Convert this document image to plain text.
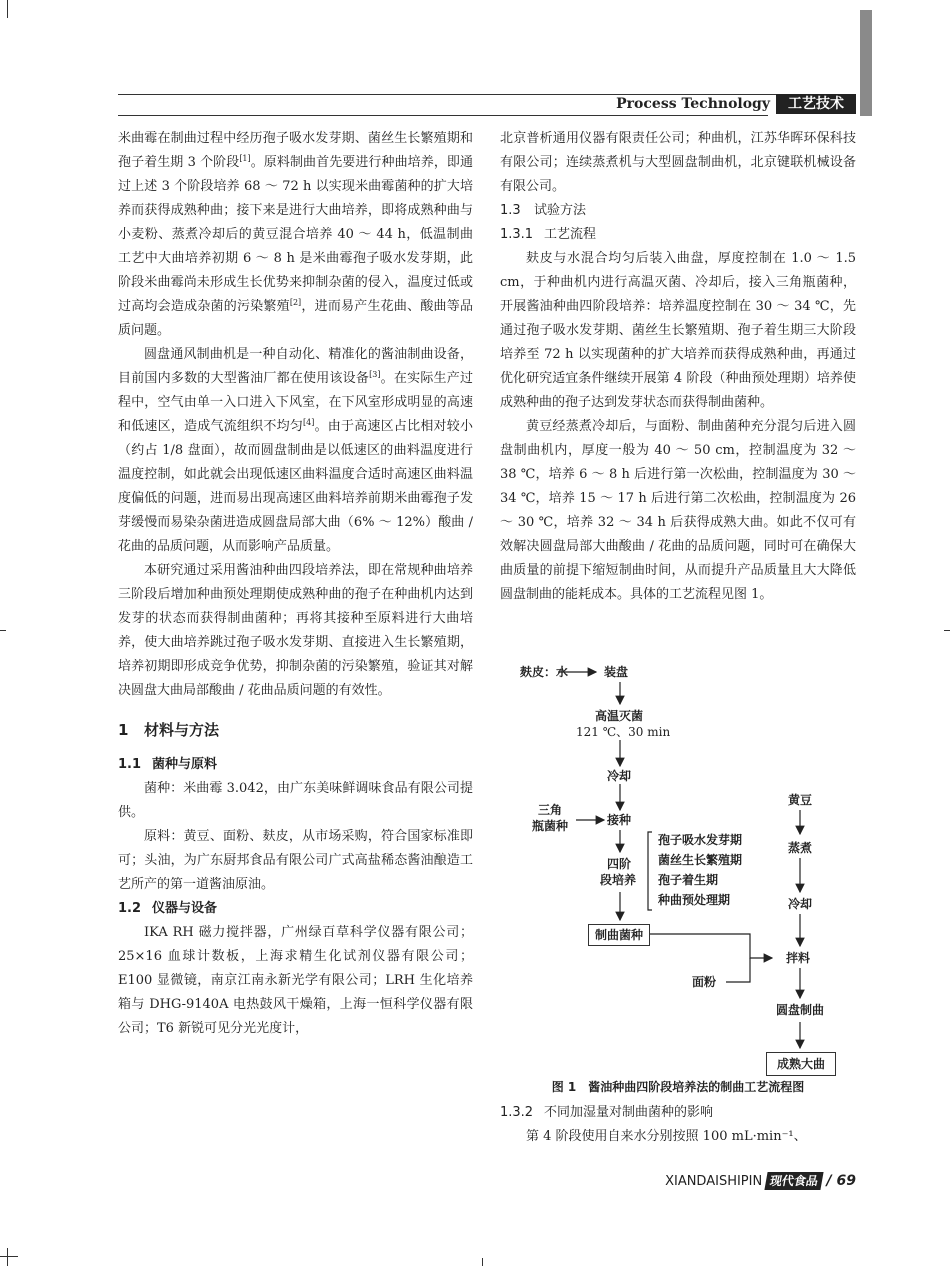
Process Technology	工艺技术

米曲霉在制曲过程中经历孢子吸水发芽期、菌丝生长繁殖期和孢子着生期 3 个阶段[1]。原料制曲首先要进行种曲培养，即通过上述 3 个阶段培养 68 ～ 72 h 以实现米曲霉菌种的扩大培养而获得成熟种曲；接下来是进行大曲培养，即将成熟种曲与小麦粉、蒸煮冷却后的黄豆混合培养 40 ～ 44 h，低温制曲工艺中大曲培养初期 6 ～ 8 h 是米曲霉孢子吸水发芽期，此阶段米曲霉尚未形成生长优势来抑制杂菌的侵入，温度过低或过高均会造成杂菌的污染繁殖[2]，进而易产生花曲、酸曲等品质问题。

圆盘通风制曲机是一种自动化、精准化的酱油制曲设备，目前国内多数的大型酱油厂都在使用该设备[3]。在实际生产过程中，空气由单一入口进入下风室，在下风室形成明显的高速和低速区，造成气流组织不均匀[4]。由于高速区占比相对较小（约占 1/8 盘面），故而圆盘制曲是以低速区的曲料温度进行温度控制，如此就会出现低速区曲料温度合适时高速区曲料温度偏低的问题，进而易出现高速区曲料培养前期米曲霉孢子发芽缓慢而易染杂菌进造成圆盘局部大曲（6% ～ 12%）酸曲 / 花曲的品质问题，从而影响产品质量。

本研究通过采用酱油种曲四段培养法，即在常规种曲培养三阶段后增加种曲预处理期使成熟种曲的孢子在种曲机内达到发芽的状态而获得制曲菌种；再将其接种至原料进行大曲培养，使大曲培养跳过孢子吸水发芽期、直接进入生长繁殖期，培养初期即形成竞争优势，抑制杂菌的污染繁殖，验证其对解决圆盘大曲局部酸曲 / 花曲品质问题的有效性。

1 材料与方法
1.1 菌种与原料

菌种：米曲霉 3.042，由广东美味鲜调味食品有限公司提供。

原料：黄豆、面粉、麸皮，从市场采购，符合国家标准即可；头油，为广东厨邦食品有限公司广式高盐稀态酱油酿造工艺所产的第一道酱油原油。

1.2 仪器与设备

IKA RH 磁力搅拌器，广州绿百草科学仪器有限公司；25×16 血球计数板，上海求精生化试剂仪器有限公司；E100 显微镜，南京江南永新光学有限公司；LRH 生化培养箱与 DHG-9140A 电热鼓风干燥箱，上海一恒科学仪器有限公司；T6 新锐可见分光光度计，

北京普析通用仪器有限责任公司；种曲机，江苏华晖环保科技有限公司；连续蒸煮机与大型圆盘制曲机，北京键联机械设备有限公司。

1.3 试验方法
1.3.1 工艺流程

麸皮与水混合均匀后装入曲盘，厚度控制在 1.0 ～ 1.5 cm，于种曲机内进行高温灭菌、冷却后，接入三角瓶菌种，开展酱油种曲四阶段培养：培养温度控制在 30 ～ 34 ℃，先通过孢子吸水发芽期、菌丝生长繁殖期、孢子着生期三大阶段培养至 72 h 以实现菌种的扩大培养而获得成熟种曲，再通过优化研究适宜条件继续开展第 4 阶段（种曲预处理期）培养使成熟种曲的孢子达到发芽状态而获得制曲菌种。

黄豆经蒸煮冷却后，与面粉、制曲菌种充分混匀后进入圆盘制曲机内，厚度一般为 40 ～ 50 cm，控制温度为 32 ～ 38 ℃，培养 6 ～ 8 h 后进行第一次松曲，控制温度为 30 ～ 34 ℃，培养 15 ～ 17 h 后进行第二次松曲，控制温度为 26 ～ 30 ℃，培养 32 ～ 34 h 后获得成熟大曲。如此不仅可有效解决圆盘局部大曲酸曲 / 花曲的品质问题，同时可在确保大曲质量的前提下缩短制曲时间，从而提升产品质量且大大降低圆盘制曲的能耗成本。具体的工艺流程见图 1。

麸皮：水	装盘
高温灭菌
121 ℃、30 min
冷却
三角
瓶菌种	接种
四阶
段培养
孢子吸水发芽期
菌丝生长繁殖期
孢子着生期
种曲预处理期
制曲菌种
黄豆
蒸煮
冷却
拌料
面粉
圆盘制曲
成熟大曲
图 1　酱油种曲四阶段培养法的制曲工艺流程图
1.3.2 不同加湿量对制曲菌种的影响

第 4 阶段使用自来水分别按照 100 mL·min⁻¹、

XIANDAISHIPIN 现代食品 / 69
